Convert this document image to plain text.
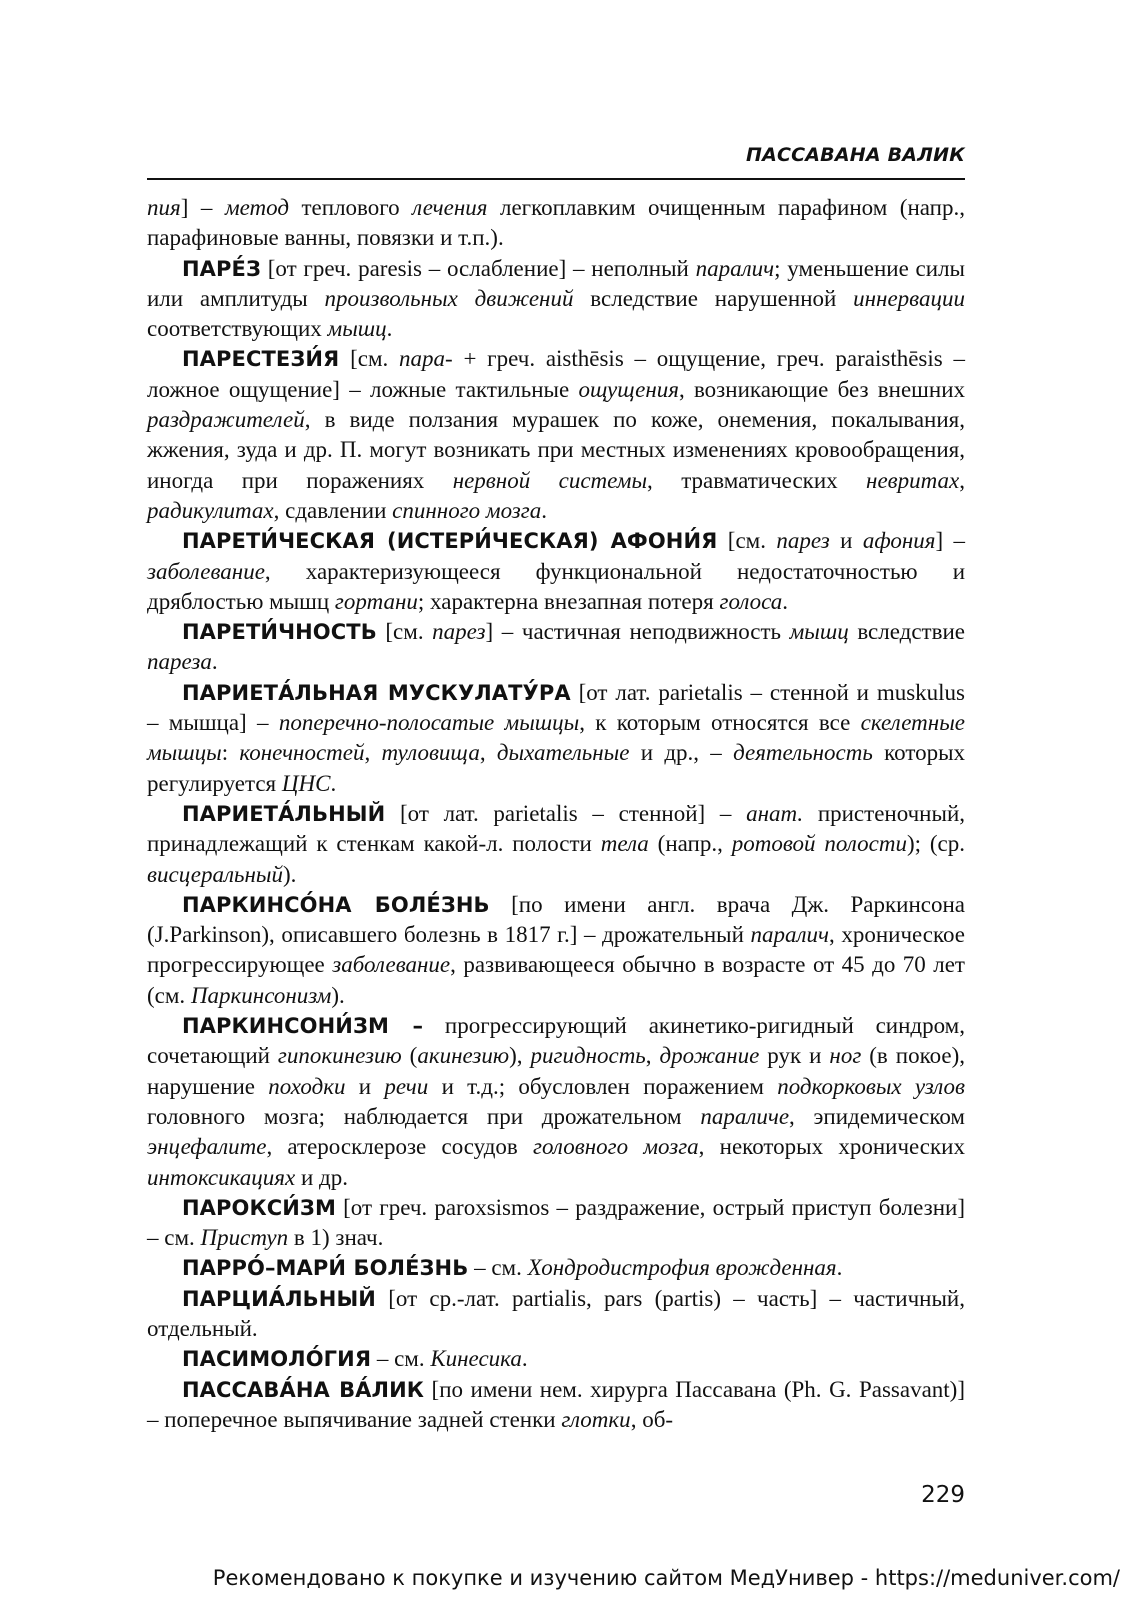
ПАССАВАНА ВАЛИК

пия] – метод теплового лечения легкоплавким очищенным парафином (напр., парафиновые ванны, повязки и т.п.).

ПАРЕ́З [от греч. paresis – ослабление] – неполный паралич; уменьшение силы или амплитуды произвольных движений вследствие нарушенной иннервации соответствующих мышц.

ПАРЕСТЕЗИ́Я [см. пара- + греч. aisthēsis – ощущение, греч. paraisthēsis – ложное ощущение] – ложные тактильные ощущения, возникающие без внешних раздражителей, в виде ползания мурашек по коже, онемения, покалывания, жжения, зуда и др. П. могут возникать при местных изменениях кровообращения, иногда при поражениях нервной системы, травматических невритах, радикулитах, сдавлении спинного мозга.

ПАРЕТИ́ЧЕСКАЯ (ИСТЕРИ́ЧЕСКАЯ) АФОНИ́Я [см. парез и афония] – заболевание, характеризующееся функциональной недостаточностью и дряблостью мышц гортани; характерна внезапная потеря голоса.

ПАРЕТИ́ЧНОСТЬ [см. парез] – частичная неподвижность мышц вследствие пареза.

ПАРИЕТА́ЛЬНАЯ МУСКУЛАТУ́РА [от лат. parietalis – стенной и muskulus – мышца] – поперечно-полосатые мышцы, к которым относятся все скелетные мышцы: конечностей, туловища, дыхательные и др., – деятельность которых регулируется ЦНС.

ПАРИЕТА́ЛЬНЫЙ [от лат. parietalis – стенной] – анат. пристеночный, принадлежащий к стенкам какой-л. полости тела (напр., ротовой полости); (ср. висцеральный).

ПАРКИНСО́НА БОЛЕ́ЗНЬ [по имени англ. врача Дж. Раркинсона (J.Parkinson), описавшего болезнь в 1817 г.] – дрожательный паралич, хроническое прогрессирующее заболевание, развивающееся обычно в возрасте от 45 до 70 лет (см. Паркинсонизм).

ПАРКИНСОНИ́ЗМ – прогрессирующий акинетико-ригидный синдром, сочетающий гипокинезию (акинезию), ригидность, дрожание рук и ног (в покое), нарушение походки и речи и т.д.; обусловлен поражением подкорковых узлов головного мозга; наблюдается при дрожательном параличе, эпидемическом энцефалите, атеросклерозе сосудов головного мозга, некоторых хронических интоксикациях и др.

ПАРОКСИ́ЗМ [от греч. paroxsismos – раздражение, острый приступ болезни] – см. Приступ в 1) знач.

ПАРРО́–МАРИ́ БОЛЕ́ЗНЬ – см. Хондродистрофия врожденная.

ПАРЦИА́ЛЬНЫЙ [от ср.-лат. partialis, pars (partis) – часть] – частичный, отдельный.

ПАСИМОЛО́ГИЯ – см. Кинесика.

ПАССАВА́НА ВА́ЛИК [по имени нем. хирурга Пассавана (Ph. G. Passavant)] – поперечное выпячивание задней стенки глотки, об-

229
Рекомендовано к покупке и изучению сайтом МедУнивер - https://meduniver.com/
